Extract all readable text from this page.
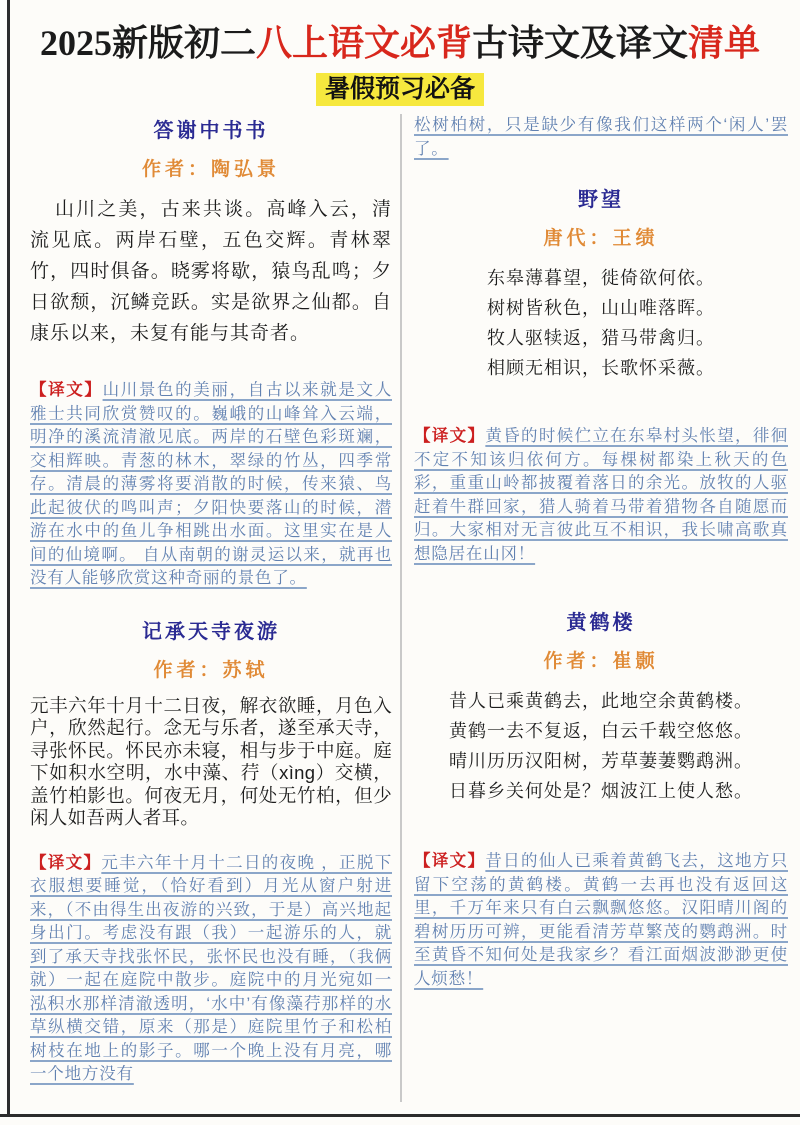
2025新版初二八上语文必背古诗文及译文清单
暑假预习必备
答谢中书书
作者：陶弘景

山川之美，古来共谈。高峰入云，清流见底。两岸石壁，五色交辉。青林翠竹，四时俱备。晓雾将歇，猿鸟乱鸣；夕日欲颓，沉鳞竞跃。实是欲界之仙都。自康乐以来，未复有能与其奇者。

【译文】山川景色的美丽，自古以来就是文人雅士共同欣赏赞叹的。巍峨的山峰耸入云端，明净的溪流清澈见底。两岸的石壁色彩斑斓，交相辉映。青葱的林木，翠绿的竹丛，四季常存。清晨的薄雾将要消散的时候，传来猿、鸟此起彼伏的鸣叫声；夕阳快要落山的时候，潜游在水中的鱼儿争相跳出水面。这里实在是人间的仙境啊。 自从南朝的谢灵运以来，就再也没有人能够欣赏这种奇丽的景色了。

记承天寺夜游
作者：苏轼

元丰六年十月十二日夜，解衣欲睡，月色入户，欣然起行。念无与乐者，遂至承天寺，寻张怀民。怀民亦未寝，相与步于中庭。庭下如积水空明，水中藻、荇（xìng）交横，盖竹柏影也。何夜无月，何处无竹柏，但少闲人如吾两人者耳。

【译文】元丰六年十月十二日的夜晚 ，正脱下衣服想要睡觉，（恰好看到）月光从窗户射进来，（不由得生出夜游的兴致，于是）高兴地起身出门。考虑没有跟（我）一起游乐的人，就到了承天寺找张怀民，张怀民也没有睡，（我俩就）一起在庭院中散步。庭院中的月光宛如一泓积水那样清澈透明，‘水中’有像藻荇那样的水草纵横交错，原来（那是）庭院里竹子和松柏树枝在地上的影子。哪一个晚上没有月亮，哪一个地方没有

松树柏树，只是缺少有像我们这样两个‘闲人’罢了。

野望
唐代：王绩
东皋薄暮望，徙倚欲何依。
树树皆秋色，山山唯落晖。
牧人驱犊返，猎马带禽归。
相顾无相识，长歌怀采薇。

【译文】黄昏的时候伫立在东皋村头怅望，徘徊不定不知该归依何方。每棵树都染上秋天的色彩，重重山岭都披覆着落日的余光。放牧的人驱赶着牛群回家，猎人骑着马带着猎物各自随愿而归。大家相对无言彼此互不相识，我长啸高歌真想隐居在山冈！

黄鹤楼
作者：崔颢
昔人已乘黄鹤去，此地空余黄鹤楼。
黄鹤一去不复返，白云千载空悠悠。
晴川历历汉阳树，芳草萋萋鹦鹉洲。
日暮乡关何处是？烟波江上使人愁。

【译文】昔日的仙人已乘着黄鹤飞去，这地方只留下空荡的黄鹤楼。黄鹤一去再也没有返回这里，千万年来只有白云飘飘悠悠。汉阳晴川阁的碧树历历可辨，更能看清芳草繁茂的鹦鹉洲。时至黄昏不知何处是我家乡？看江面烟波渺渺更使人烦愁！
